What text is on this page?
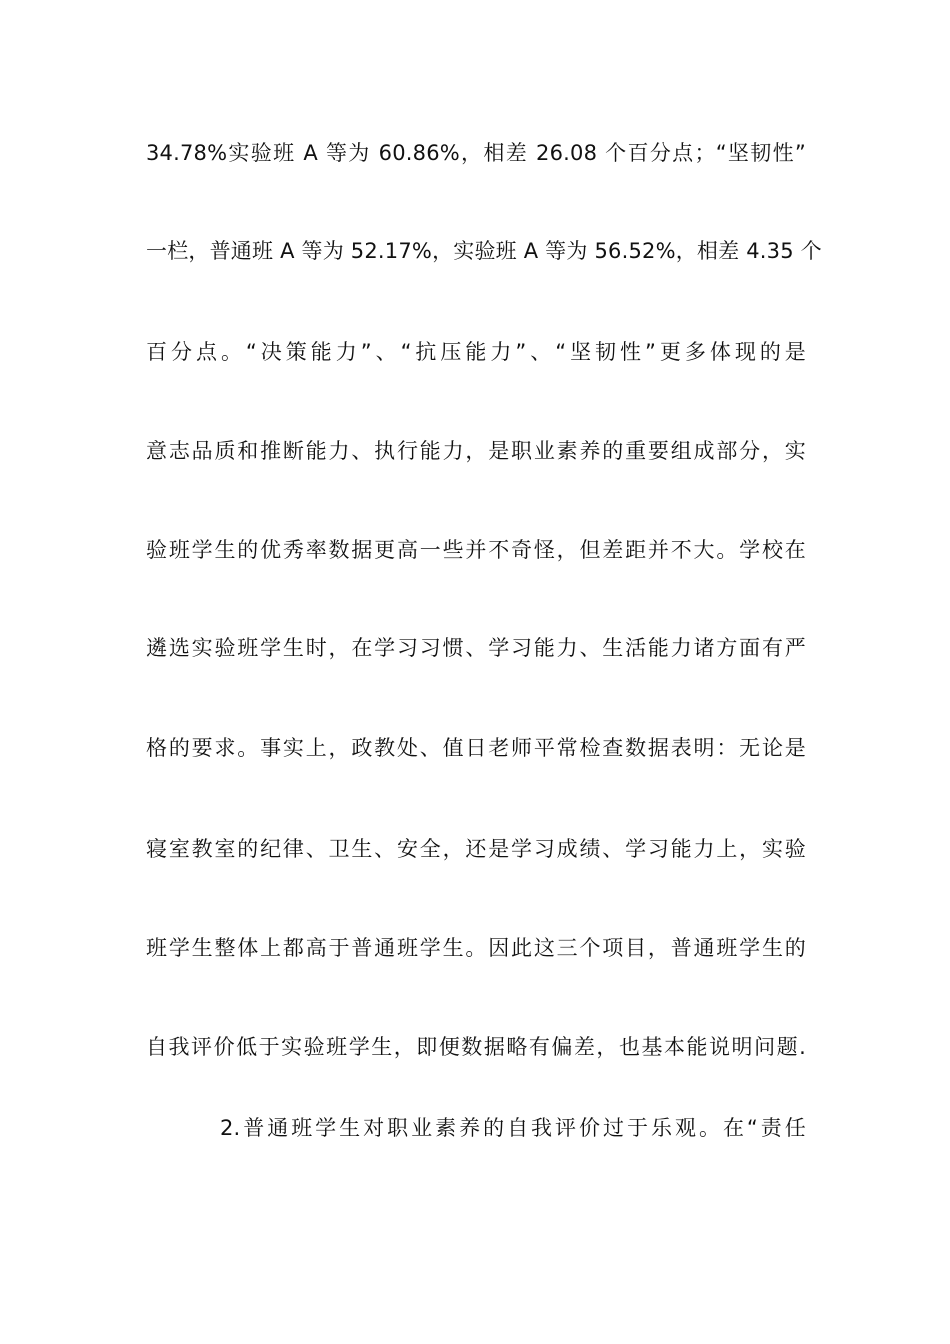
34.78%实验班 A 等为 60.86%，相差 26.08 个百分点；“坚韧性”
一栏，普通班 A 等为 52.17%，实验班 A 等为 56.52%，相差 4.35 个
百分点。“决策能力”、“抗压能力”、“坚韧性”更多体现的是
意志品质和推断能力、执行能力，是职业素养的重要组成部分，实
验班学生的优秀率数据更高一些并不奇怪，但差距并不大。学校在
遴选实验班学生时，在学习习惯、学习能力、生活能力诸方面有严
格的要求。事实上，政教处、值日老师平常检查数据表明：无论是
寝室教室的纪律、卫生、安全，还是学习成绩、学习能力上，实验
班学生整体上都高于普通班学生。因此这三个项目，普通班学生的
自我评价低于实验班学生，即便数据略有偏差，也基本能说明问题.
2.普通班学生对职业素养的自我评价过于乐观。在“责任
